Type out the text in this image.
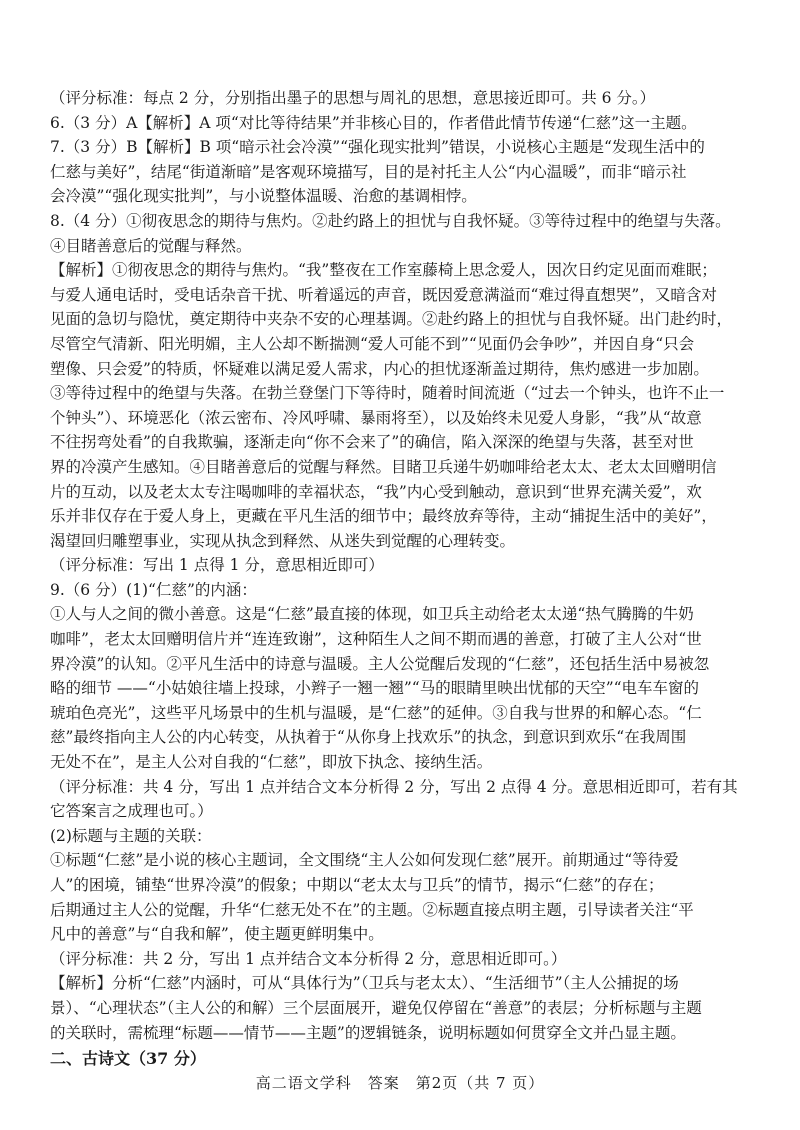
（评分标准：每点 2 分，分别指出墨子的思想与周礼的思想，意思接近即可。共 6 分。）

6.（3 分）A【解析】A 项“对比等待结果”并非核心目的，作者借此情节传递“仁慈”这一主题。

7.（3 分）B【解析】B 项“暗示社会冷漠”“强化现实批判”错误，小说核心主题是“发现生活中的

仁慈与美好”，结尾“街道渐暗”是客观环境描写，目的是衬托主人公“内心温暖”，而非“暗示社

会冷漠”“强化现实批判”，与小说整体温暖、治愈的基调相悖。

8.（4 分）①彻夜思念的期待与焦灼。②赴约路上的担忧与自我怀疑。③等待过程中的绝望与失落。

④目睹善意后的觉醒与释然。

【解析】①彻夜思念的期待与焦灼。“我”整夜在工作室藤椅上思念爱人，因次日约定见面而难眠；

与爱人通电话时，受电话杂音干扰、听着遥远的声音，既因爱意满溢而“难过得直想哭”，又暗含对

见面的急切与隐忧，奠定期待中夹杂不安的心理基调。②赴约路上的担忧与自我怀疑。出门赴约时，

尽管空气清新、阳光明媚，主人公却不断揣测“爱人可能不到”“见面仍会争吵”，并因自身“只会

塑像、只会爱”的特质，怀疑难以满足爱人需求，内心的担忧逐渐盖过期待，焦灼感进一步加剧。

③等待过程中的绝望与失落。在勃兰登堡门下等待时，随着时间流逝（“过去一个钟头，也许不止一

个钟头”）、环境恶化（浓云密布、冷风呼啸、暴雨将至），以及始终未见爱人身影，“我”从“故意

不往拐弯处看”的自我欺骗，逐渐走向“你不会来了”的确信，陷入深深的绝望与失落，甚至对世

界的冷漠产生感知。④目睹善意后的觉醒与释然。目睹卫兵递牛奶咖啡给老太太、老太太回赠明信

片的互动，以及老太太专注喝咖啡的幸福状态，“我”内心受到触动，意识到“世界充满关爱”，欢

乐并非仅存在于爱人身上，更藏在平凡生活的细节中；最终放弃等待，主动“捕捉生活中的美好”，

渴望回归雕塑事业，实现从执念到释然、从迷失到觉醒的心理转变。

（评分标准：写出 1 点得 1 分，意思相近即可）

9.（6 分）(1)“仁慈”的内涵：

①人与人之间的微小善意。这是“仁慈”最直接的体现，如卫兵主动给老太太递“热气腾腾的牛奶

咖啡”，老太太回赠明信片并“连连致谢”，这种陌生人之间不期而遇的善意，打破了主人公对“世

界冷漠”的认知。②平凡生活中的诗意与温暖。主人公觉醒后发现的“仁慈”，还包括生活中易被忽

略的细节 ——“小姑娘往墙上投球，小辫子一翘一翘”“马的眼睛里映出忧郁的天空”“电车车窗的

琥珀色亮光”，这些平凡场景中的生机与温暖，是“仁慈”的延伸。③自我与世界的和解心态。“仁

慈”最终指向主人公的内心转变，从执着于“从你身上找欢乐”的执念，到意识到欢乐“在我周围

无处不在”，是主人公对自我的“仁慈”，即放下执念、接纳生活。

（评分标准：共 4 分，写出 1 点并结合文本分析得 2 分，写出 2 点得 4 分。意思相近即可，若有其

它答案言之成理也可。）

(2)标题与主题的关联：

①标题“仁慈”是小说的核心主题词，全文围绕“主人公如何发现仁慈”展开。前期通过“等待爱

人”的困境，铺垫“世界冷漠”的假象；中期以“老太太与卫兵”的情节，揭示“仁慈”的存在；

后期通过主人公的觉醒，升华“仁慈无处不在”的主题。②标题直接点明主题，引导读者关注“平

凡中的善意”与“自我和解”，使主题更鲜明集中。

（评分标准：共 2 分，写出 1 点并结合文本分析得 2 分，意思相近即可。）

【解析】分析“仁慈”内涵时，可从“具体行为”（卫兵与老太太）、“生活细节”（主人公捕捉的场

景）、“心理状态”（主人公的和解）三个层面展开，避免仅停留在“善意”的表层；分析标题与主题

的关联时，需梳理“标题——情节——主题”的逻辑链条，说明标题如何贯穿全文并凸显主题。

二、古诗文（37 分）

高二语文学科　答案　第2页（共 7 页）
